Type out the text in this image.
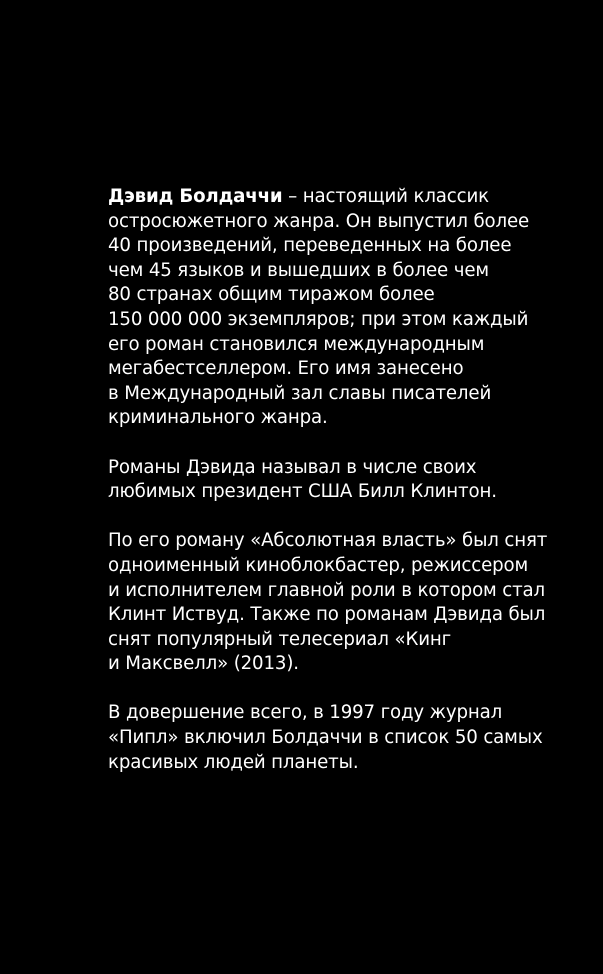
Дэвид Болдаччи – настоящий классик
остросюжетного жанра. Он выпустил более
40 произведений, переведенных на более
чем 45 языков и вышедших в более чем
80 странах общим тиражом более
150 000 000 экземпляров; при этом каждый
его роман становился международным
мегабестселлером. Его имя занесено
в Международный зал славы писателей
криминального жанра.

Романы Дэвида называл в числе своих
любимых президент США Билл Клинтон.

По его роману «Абсолютная власть» был снят
одноименный киноблокбастер, режиссером
и исполнителем главной роли в котором стал
Клинт Иствуд. Также по романам Дэвида был
снят популярный телесериал «Кинг
и Максвелл» (2013).

В довершение всего, в 1997 году журнал
«Пипл» включил Болдаччи в список 50 самых
красивых людей планеты.
